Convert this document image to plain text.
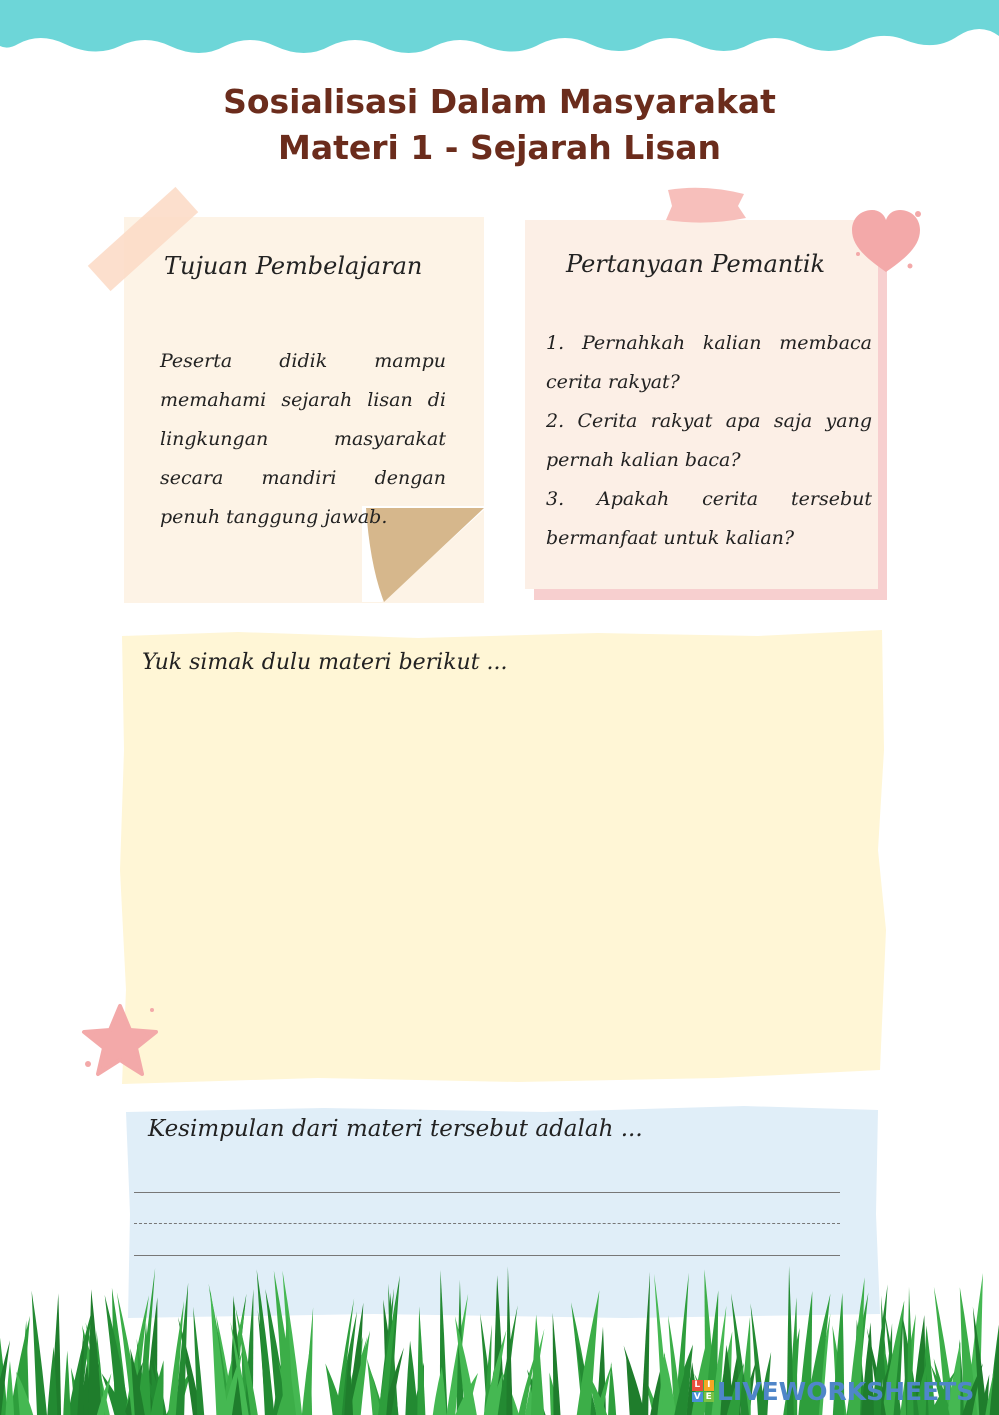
Sosialisasi Dalam Masyarakat
Materi 1 - Sejarah Lisan
Tujuan Pembelajaran
Peserta didik mampu memahami sejarah lisan di lingkungan masyarakat secara mandiri dengan penuh tanggung jawab.
Pertanyaan Pemantik

1. Pernahkah kalian membaca cerita rakyat?

2. Cerita rakyat apa saja yang pernah kalian baca?

3. Apakah cerita tersebut bermanfaat untuk kalian?

Yuk simak dulu materi berikut ...
Kesimpulan dari materi tersebut adalah ...
L I
V E LIVEWORKSHEETS
